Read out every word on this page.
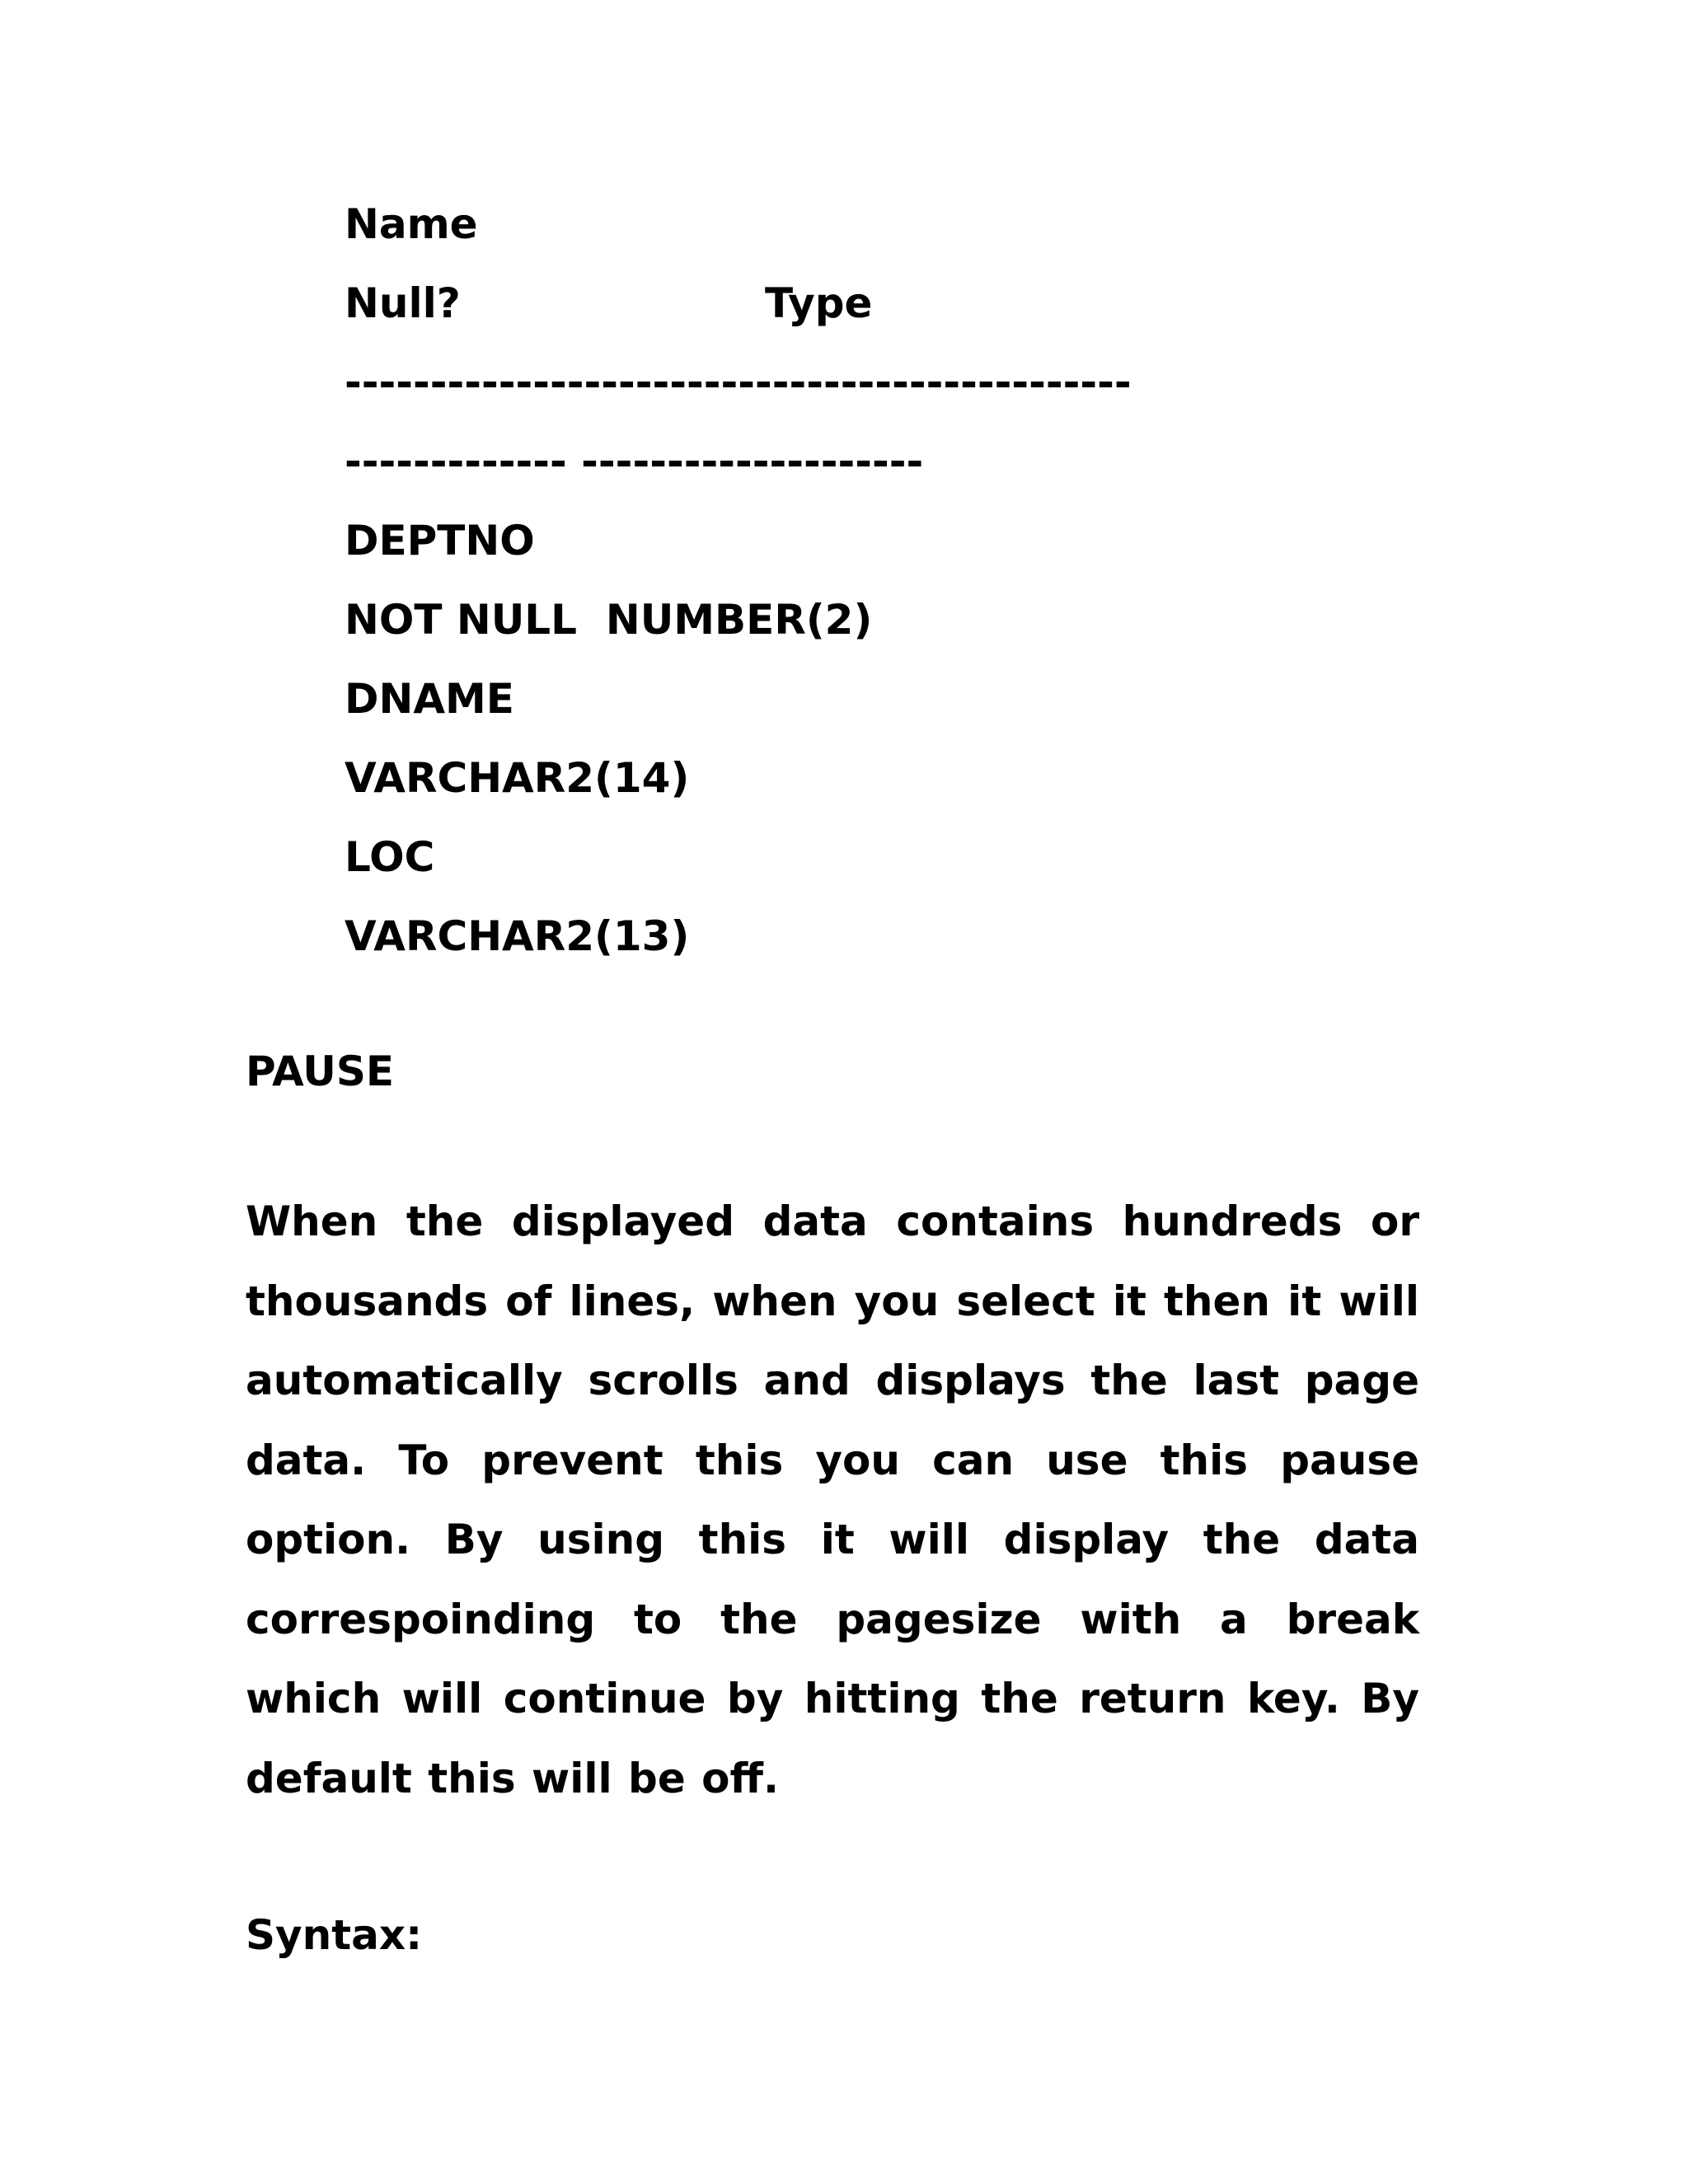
Name
Null?	Type
----------------------------------------------
------------- --------------------
DEPTNO
NOT NULL  NUMBER(2)
DNAME
VARCHAR2(14)
LOC
VARCHAR2(13)
PAUSE

When the displayed data contains hundreds or thousands of lines, when you select it then it will automatically scrolls and displays the last page data. To prevent this you can use this pause option. By using this it will display the data correspoinding to the pagesize with a break which will continue by hitting the return key. By default this will be off.

Syntax:
